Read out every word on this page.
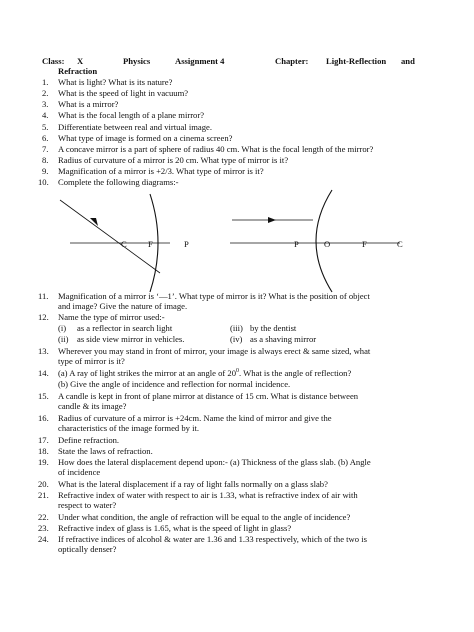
Class: X	Physics	Assignment 4	Chapter: Light-Reflection and
Refraction
1. What is light? What is its nature?
2. What is the speed of light in vacuum?
3. What is a mirror?
4. What is the focal length of a plane mirror?
5. Differentiate between real and virtual image.
6. What type of image is formed on a cinema screen?
7. A concave mirror is a part of sphere of radius 40 cm. What is the focal length of the mirror?
8. Radius of curvature of a mirror is 20 cm. What type of mirror is it?
9. Magnification of a mirror is +2/3. What type of mirror is it?
10. Complete the following diagrams:-
C F	P	P	O	F	C
11. Magnification of a mirror is ‘—1’. What type of mirror is it? What is the position of object
and image? Give the nature of image.
12. Name the type of mirror used:-
(i) as a reflector in search light	(iii) by the dentist
(ii) as side view mirror in vehicles.	(iv) as a shaving mirror
13. Wherever you may stand in front of mirror, your image is always erect & same sized, what
type of mirror is it?
14. (a) A ray of light strikes the mirror at an angle of $20^0$. What is the angle of reflection?
(b) Give the angle of incidence and reflection for normal incidence.
15. A candle is kept in front of plane mirror at distance of 15 cm. What is distance between
candle & its image?
16. Radius of curvature of a mirror is +24cm. Name the kind of mirror and give the
characteristics of the image formed by it.
17. Define refraction.
18. State the laws of refraction.
19. How does the lateral displacement depend upon:- (a) Thickness of the glass slab. (b) Angle
of incidence
20. What is the lateral displacement if a ray of light falls normally on a glass slab?
21. Refractive index of water with respect to air is 1.33, what is refractive index of air with
respect to water?
22. Under what condition, the angle of refraction will be equal to the angle of incidence?
23. Refractive index of glass is 1.65, what is the speed of light in glass?
24. If refractive indices of alcohol & water are 1.36 and 1.33 respectively, which of the two is
optically denser?
